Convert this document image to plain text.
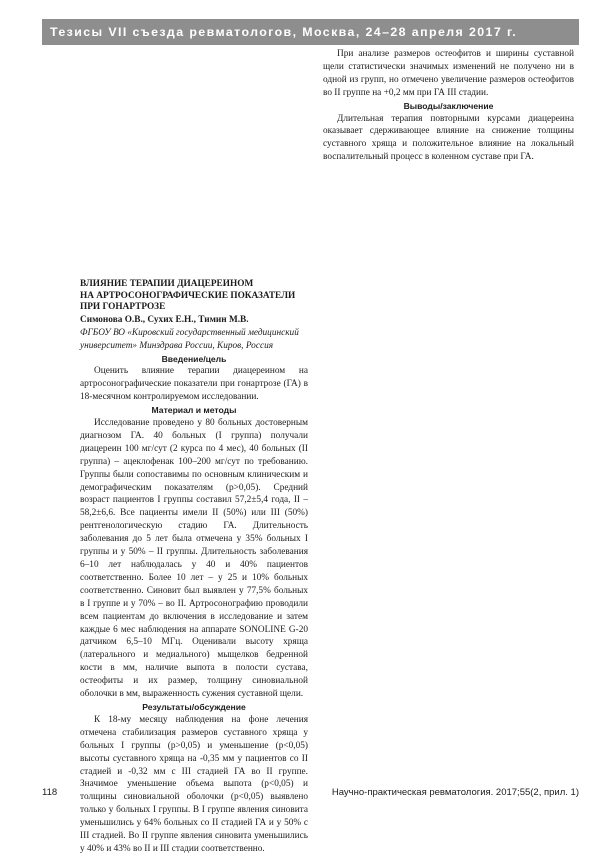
Тезисы VII съезда ревматологов, Москва, 24–28 апреля 2017 г.

При анализе размеров остеофитов и ширины суставной щели статистически значимых изменений не получено ни в одной из групп, но отмечено увеличение размеров остеофитов во II группе на +0,2 мм при ГА III стадии.

Выводы/заключение

Длительная терапия повторными курсами диацереина оказывает сдерживающее влияние на снижение толщины суставного хряща и положительное влияние на локальный воспалительный процесс в коленном суставе при ГА.

ВЛИЯНИЕ ТЕРАПИИ ДИАЦЕРЕИНОМ
НА АРТРОСОНОГРАФИЧЕСКИЕ ПОКАЗАТЕЛИ
ПРИ ГОНАРТРОЗЕ
Симонова О.В., Сухих Е.Н., Тимин М.В.
ФГБОУ ВО «Кировский государственный медицинский университет» Минздрава России, Киров, Россия
Введение/цель

Оценить влияние терапии диацереином на артросонографические показатели при гонартрозе (ГА) в 18-месячном контролируемом исследовании.

Материал и методы

Исследование проведено у 80 больных достоверным диагнозом ГА. 40 больных (I группа) получали диацереин 100 мг/сут (2 курса по 4 мес), 40 больных (II группа) – ацеклофенак 100–200 мг/сут по требованию. Группы были сопоставимы по основным клиническим и демографическим показателям (p>0,05). Средний возраст пациентов I группы составил 57,2±5,4 года, II –58,2±6,6. Все пациенты имели II (50%) или III (50%) рентгенологическую стадию ГА. Длительность заболевания до 5 лет была отмечена у 35% больных I группы и у 50% – II группы. Длительность заболевания 6–10 лет наблюдалась у 40 и 40% пациентов соответственно. Более 10 лет – у 25 и 10% больных соответственно. Синовит был выявлен у 77,5% больных в I группе и у 70% – во II. Артросонографию проводили всем пациентам до включения в исследование и затем каждые 6 мес наблюдения на аппарате SONOLINE G-20 датчиком 6,5–10 МГц. Оценивали высоту хряща (латерального и медиального) мыщелков бедренной кости в мм, наличие выпота в полости сустава, остеофиты и их размер, толщину синовиальной оболочки в мм, выраженность сужения суставной щели.

Результаты/обсуждение

К 18-му месяцу наблюдения на фоне лечения отмечена стабилизация размеров суставного хряща у больных I группы (p>0,05) и уменьшение (p<0,05) высоты суставного хряща на -0,35 мм у пациентов со II стадией и -0,32 мм с III стадией ГА во II группе. Значимое уменьшение объема выпота (p<0,05) и толщины синовиальной оболочки (p<0,05) выявлено только у больных I группы. В I группе явления синовита уменьшились у 64% больных со II стадией ГА и у 50% с III стадией. Во II группе явления синовита уменьшились у 40% и 43% во II и III стадии соответственно.

118	Научно-практическая ревматология. 2017;55(2, прил. 1)
